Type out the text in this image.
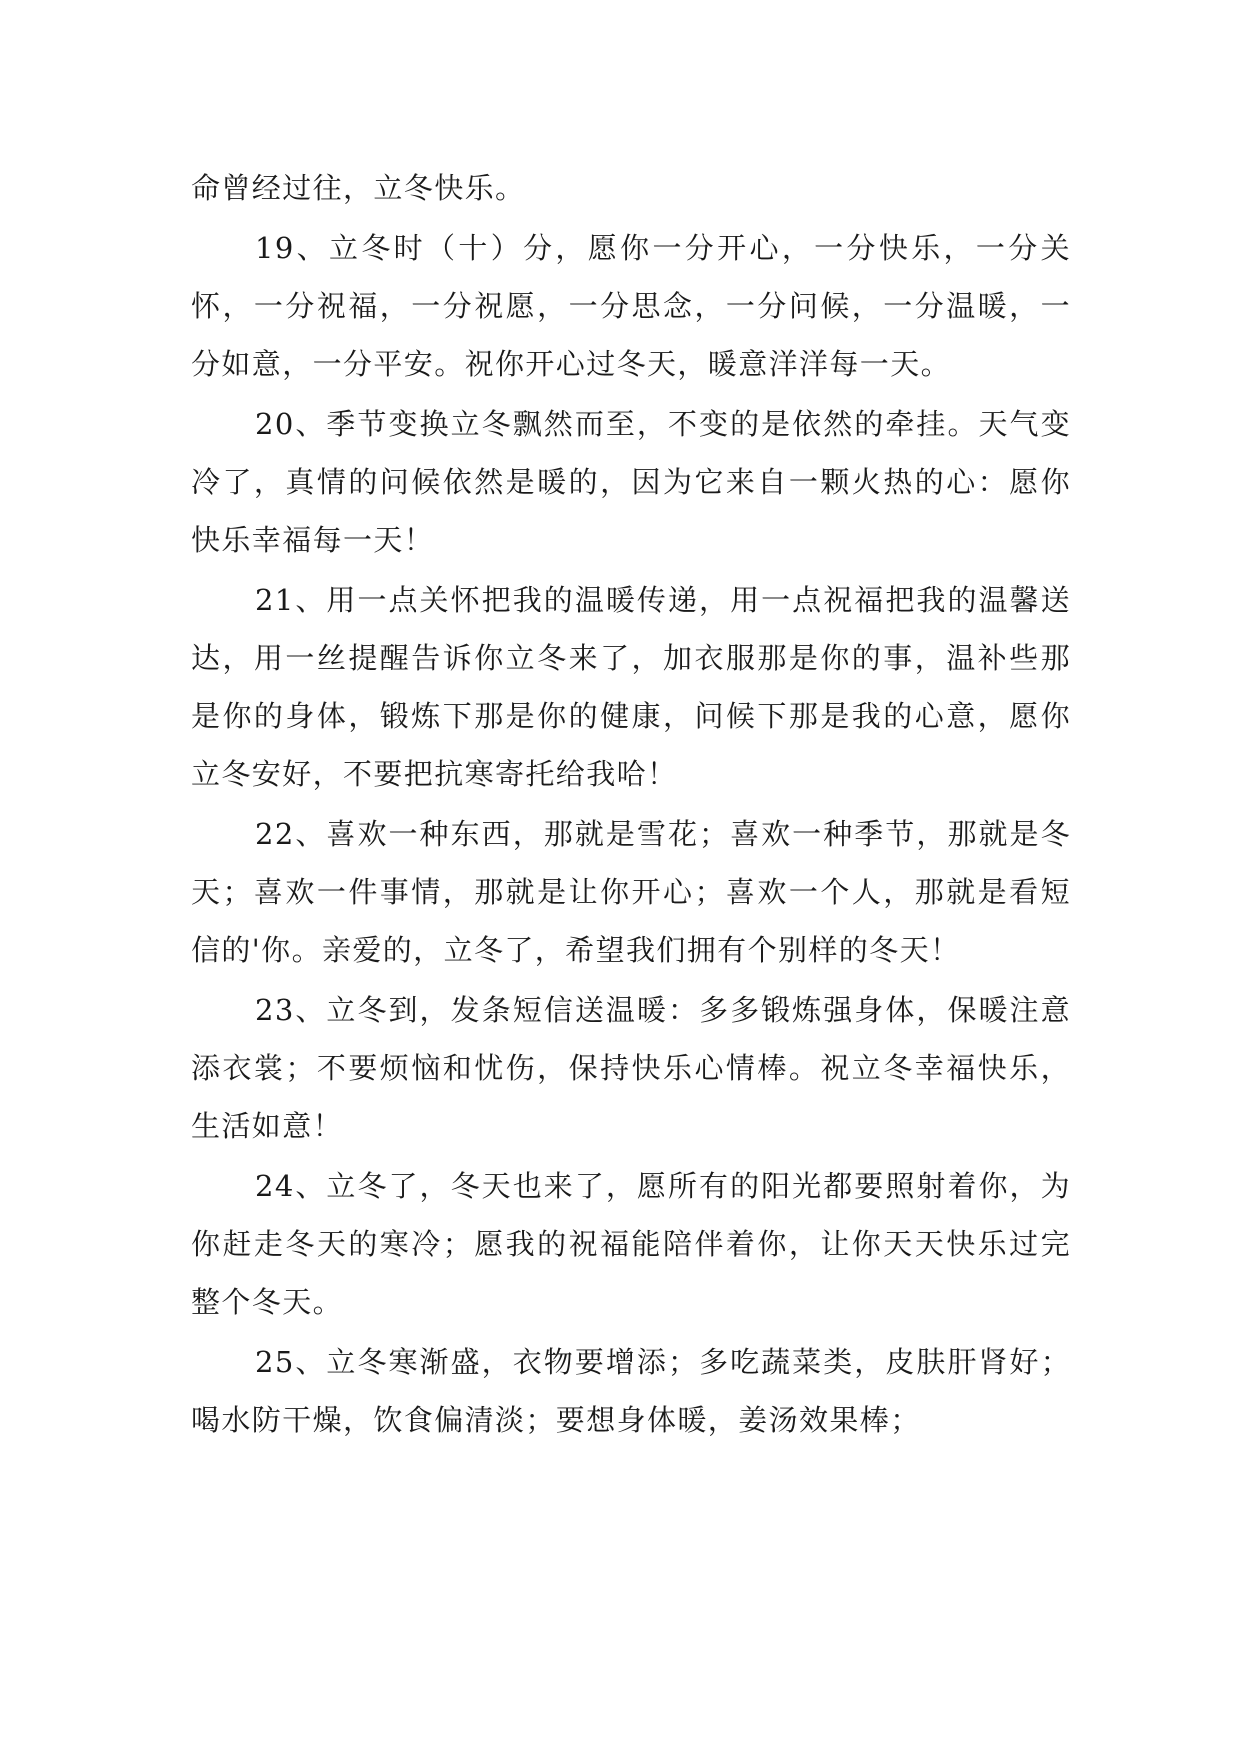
命曾经过往，立冬快乐。

19、立冬时（十）分，愿你一分开心，一分快乐，一分关怀，一分祝福，一分祝愿，一分思念，一分问候，一分温暖，一分如意，一分平安。祝你开心过冬天，暖意洋洋每一天。

20、季节变换立冬飘然而至，不变的是依然的牵挂。天气变冷了，真情的问候依然是暖的，因为它来自一颗火热的心：愿你快乐幸福每一天！

21、用一点关怀把我的温暖传递，用一点祝福把我的温馨送达，用一丝提醒告诉你立冬来了，加衣服那是你的事，温补些那是你的身体，锻炼下那是你的健康，问候下那是我的心意，愿你立冬安好，不要把抗寒寄托给我哈！

22、喜欢一种东西，那就是雪花；喜欢一种季节，那就是冬天；喜欢一件事情，那就是让你开心；喜欢一个人，那就是看短信的'你。亲爱的，立冬了，希望我们拥有个别样的冬天！

23、立冬到，发条短信送温暖：多多锻炼强身体，保暖注意添衣裳；不要烦恼和忧伤，保持快乐心情棒。祝立冬幸福快乐，生活如意！

24、立冬了，冬天也来了，愿所有的阳光都要照射着你，为你赶走冬天的寒冷；愿我的祝福能陪伴着你，让你天天快乐过完整个冬天。

25、立冬寒渐盛，衣物要增添；多吃蔬菜类，皮肤肝肾好；喝水防干燥，饮食偏清淡；要想身体暖，姜汤效果棒；
